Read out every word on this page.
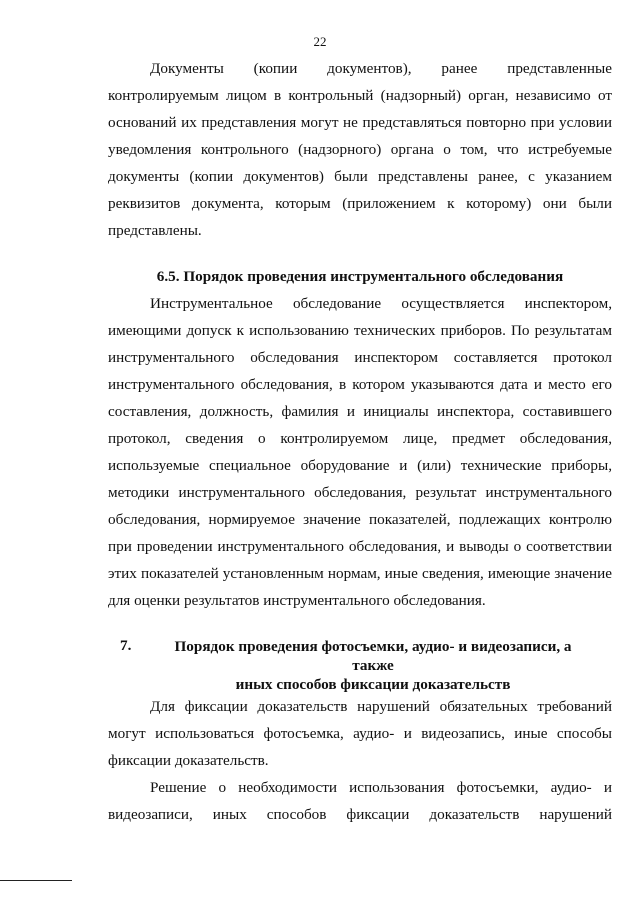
22
Документы (копии документов), ранее представленные
контролируемым лицом в контрольный (надзорный) орган, независимо от
оснований их представления могут не представляться повторно при условии
уведомления контрольного (надзорного) органа о том, что истребуемые
документы (копии документов) были представлены ранее, с указанием
реквизитов документа, которым (приложением к которому) они были
представлены.
6.5. Порядок проведения инструментального обследования
Инструментальное обследование осуществляется инспектором,
имеющими допуск к использованию технических приборов. По результатам
инструментального обследования инспектором составляется протокол
инструментального обследования, в котором указываются дата и место его
составления, должность, фамилия и инициалы инспектора, составившего
протокол, сведения о контролируемом лице, предмет обследования,
используемые специальное оборудование и (или) технические приборы,
методики инструментального обследования, результат инструментального
обследования, нормируемое значение показателей, подлежащих контролю
при проведении инструментального обследования, и выводы о соответствии
этих показателей установленным нормам, иные сведения, имеющие значение
для оценки результатов инструментального обследования.
7.	Порядок проведения фотосъемки, аудио- и видеозаписи, а также
иных способов фиксации доказательств
Для фиксации доказательств нарушений обязательных требований
могут использоваться фотосъемка, аудио- и видеозапись, иные способы
фиксации доказательств.
Решение о необходимости использования фотосъемки, аудио- и
видеозаписи, иных способов фиксации доказательств нарушений
